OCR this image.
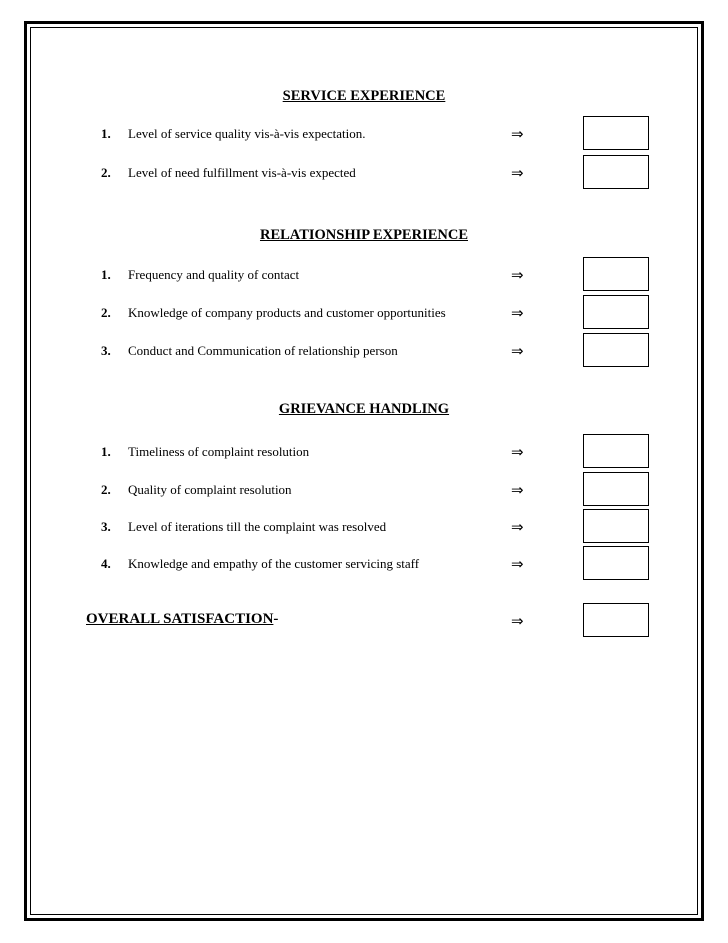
SERVICE EXPERIENCE
1. Level of service quality vis-à-vis expectation.	⇒
2. Level of need fulfillment vis-à-vis expected	⇒
RELATIONSHIP EXPERIENCE
1. Frequency and quality of contact	⇒
2. Knowledge of company products and customer opportunities	⇒
3. Conduct and Communication of relationship person	⇒
GRIEVANCE HANDLING
1. Timeliness of complaint resolution	⇒
2. Quality of complaint resolution	⇒
3. Level of iterations till the complaint was resolved	⇒
4. Knowledge and empathy of the customer servicing staff	⇒
OVERALL SATISFACTION-	⇒
